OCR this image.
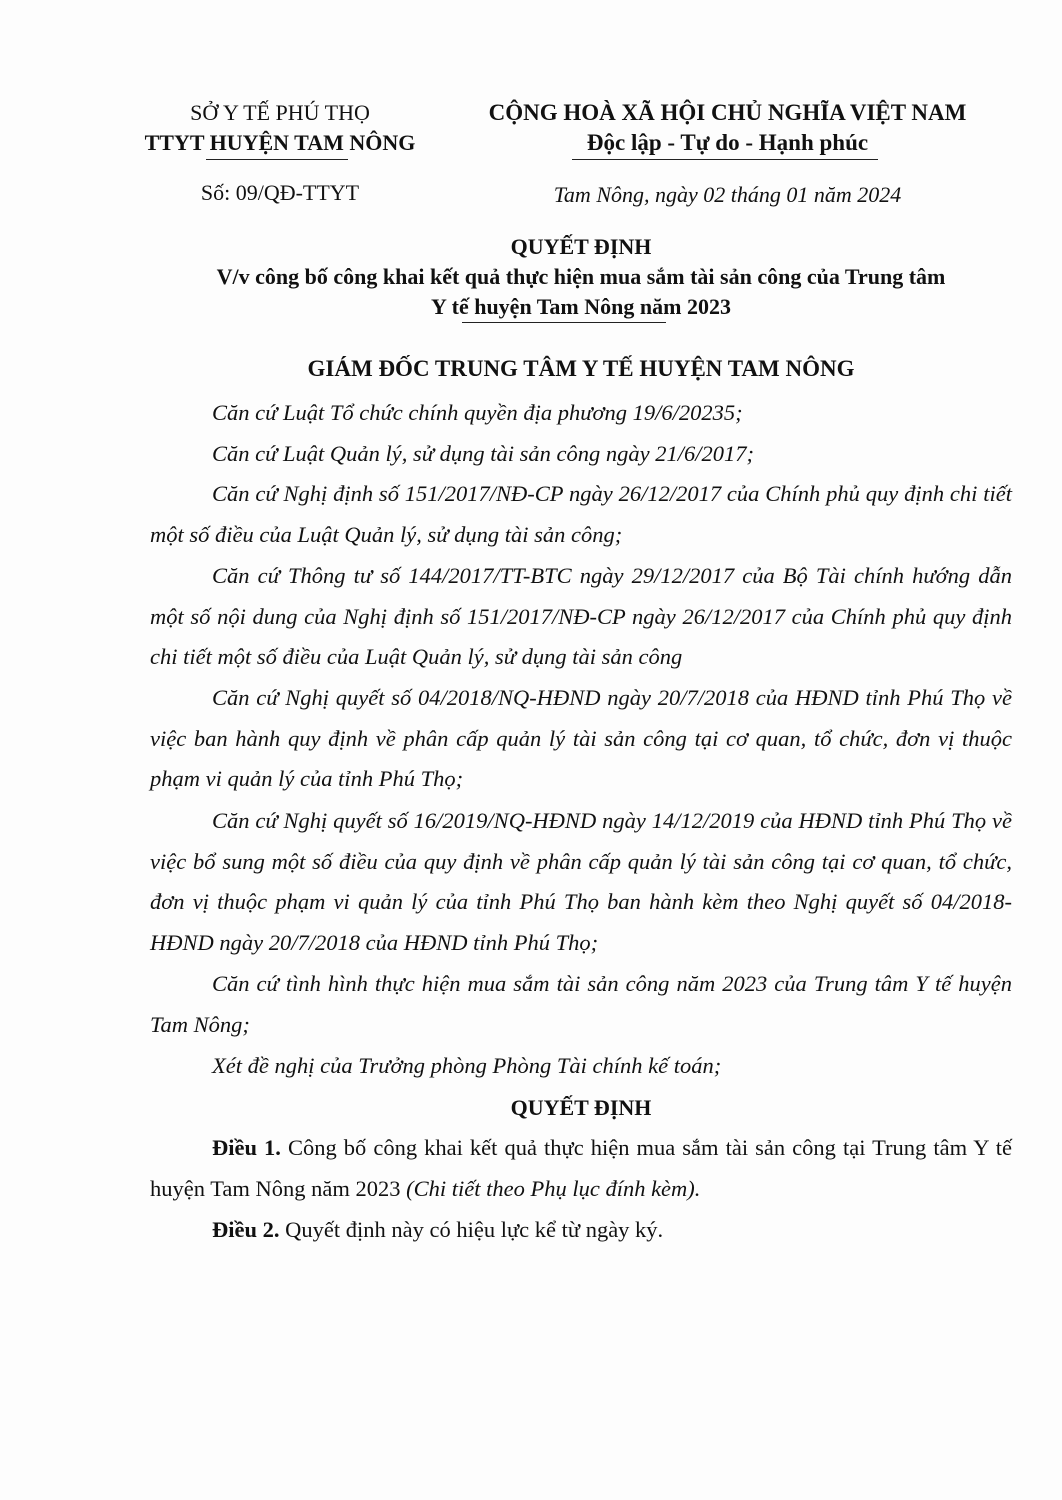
SỞ Y TẾ PHÚ THỌ
TTYT HUYỆN TAM NÔNG
CỘNG HOÀ XÃ HỘI CHỦ NGHĨA VIỆT NAM
Độc lập - Tự do - Hạnh phúc
Số: 09/QĐ-TTYT	Tam Nông, ngày 02 tháng 01 năm 2024
QUYẾT ĐỊNH
V/v công bố công khai kết quả thực hiện mua sắm tài sản công của Trung tâm
Y tế huyện Tam Nông năm 2023
GIÁM ĐỐC TRUNG TÂM Y TẾ HUYỆN TAM NÔNG
Căn cứ Luật Tổ chức chính quyền địa phương 19/6/20235;
Căn cứ Luật Quản lý, sử dụng tài sản công ngày 21/6/2017;
Căn cứ Nghị định số 151/2017/NĐ-CP ngày 26/12/2017 của Chính phủ quy định chi tiết một số điều của Luật Quản lý, sử dụng tài sản công;
Căn cứ Thông tư số 144/2017/TT-BTC ngày 29/12/2017 của Bộ Tài chính hướng dẫn một số nội dung của Nghị định số 151/2017/NĐ-CP ngày 26/12/2017 của Chính phủ quy định chi tiết một số điều của Luật Quản lý, sử dụng tài sản công
Căn cứ Nghị quyết số 04/2018/NQ-HĐND ngày 20/7/2018 của HĐND tỉnh Phú Thọ về việc ban hành quy định về phân cấp quản lý tài sản công tại cơ quan, tổ chức, đơn vị thuộc phạm vi quản lý của tỉnh Phú Thọ;
Căn cứ Nghị quyết số 16/2019/NQ-HĐND ngày 14/12/2019 của HĐND tỉnh Phú Thọ về việc bổ sung một số điều của quy định về phân cấp quản lý tài sản công tại cơ quan, tổ chức, đơn vị thuộc phạm vi quản lý của tỉnh Phú Thọ ban hành kèm theo Nghị quyết số 04/2018-HĐND ngày 20/7/2018 của HĐND tỉnh Phú Thọ;
Căn cứ tình hình thực hiện mua sắm tài sản công năm 2023 của Trung tâm Y tế huyện Tam Nông;
Xét đề nghị của Trưởng phòng Phòng Tài chính kế toán;
QUYẾT ĐỊNH
Điều 1. Công bố công khai kết quả thực hiện mua sắm tài sản công tại Trung tâm Y tế huyện Tam Nông năm 2023 (Chi tiết theo Phụ lục đính kèm).
Điều 2. Quyết định này có hiệu lực kể từ ngày ký.
